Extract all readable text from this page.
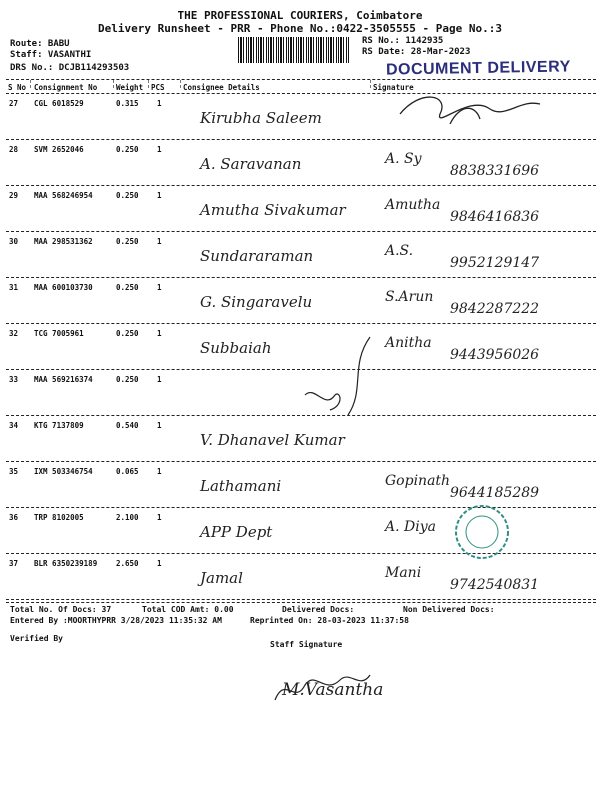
THE PROFESSIONAL COURIERS, Coimbatore
Delivery Runsheet - PRR - Phone No.:0422-3505555 - Page No.:3
Route: BABU
Staff: VASANTHI
DRS No.: DCJB114293503
RS No.: 1142935
RS Date: 28-Mar-2023
DOCUMENT DELIVERY
S No Consignment No	Weight PCS Consignee Details	Signature
27 CGL 6018529	0.315 1
Kirubha Saleem
28 SVM 2652046	0.250 1
A. Saravanan	A. Sy
8838331696
29 MAA 568246954	0.250 1
Amutha Sivakumar	Amutha
9846416836
30 MAA 298531362	0.250 1
Sundararaman	A.S.
9952129147
31 MAA 600103730	0.250 1
G. Singaravelu	S.Arun
9842287222
32 TCG 7005961	0.250 1
Subbaiah	Anitha
9443956026
33 MAA 569216374	0.250 1
34 KTG 7137809	0.540 1
V. Dhanavel Kumar
35 IXM 503346754	0.065 1
Lathamani	Gopinath
9644185289
36 TRP 8102005	2.100 1
APP Dept	A. Diya
37 BLR 6350239189	2.650 1
Jamal	Mani
9742540831
Total No. Of Docs: 37	Total COD Amt: 0.00	Delivered Docs:	Non Delivered Docs:
Entered By :MOORTHYPRR 3/28/2023 11:35:32 AM	Reprinted On: 28-03-2023 11:37:58
Verified By
Staff Signature
M.Vasantha
